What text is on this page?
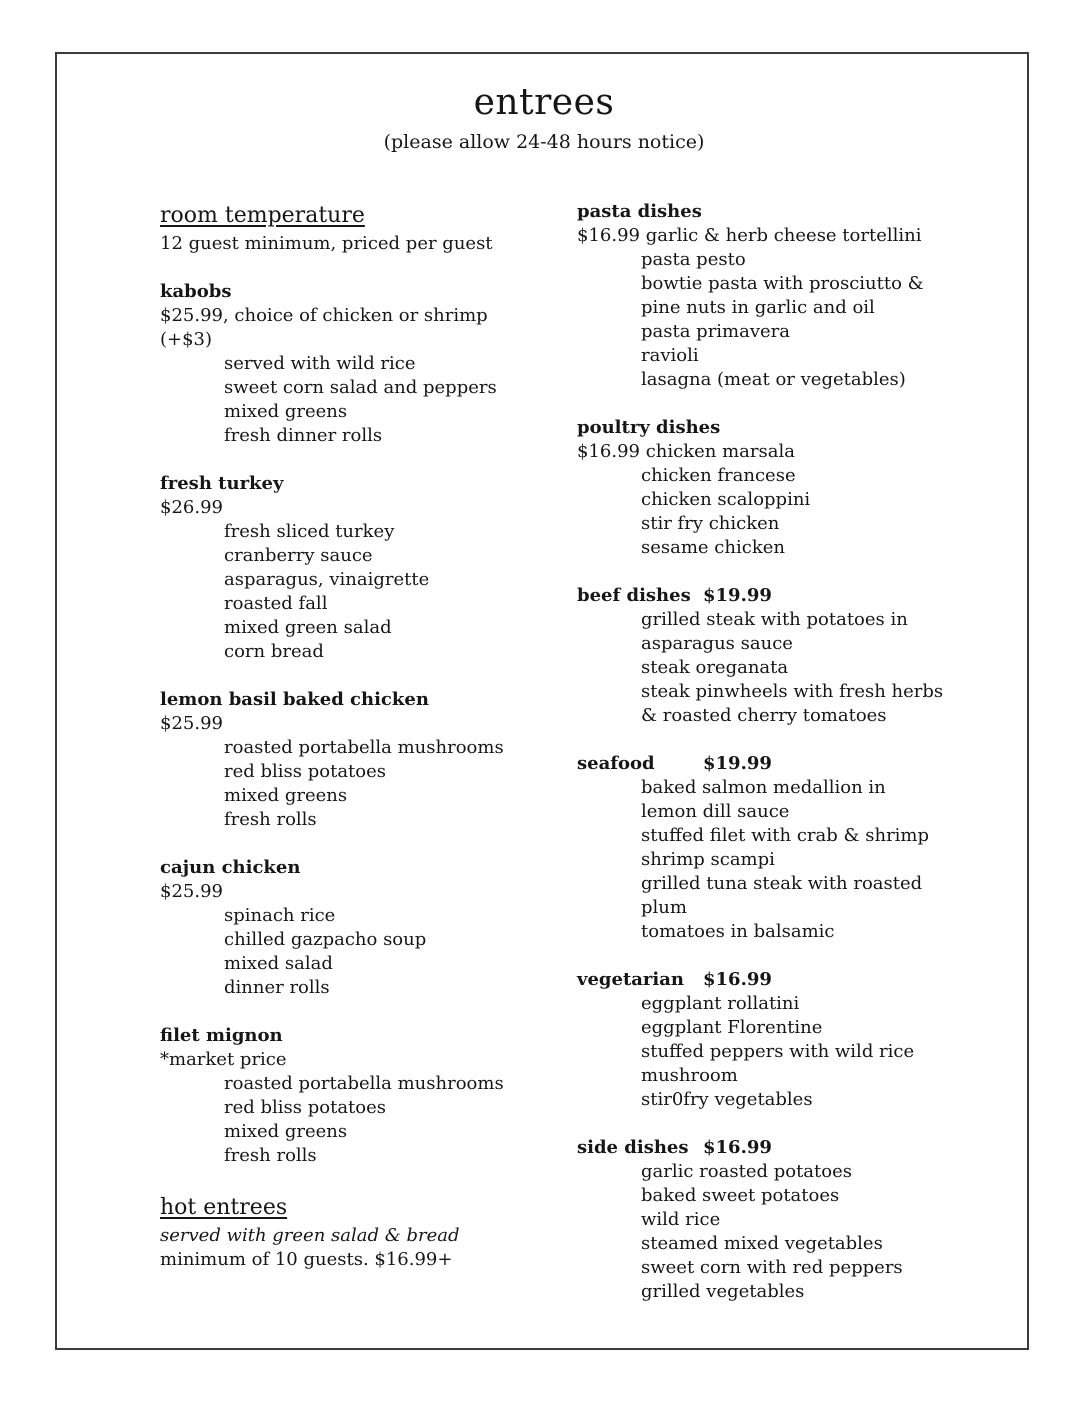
entrees
(please allow 24-48 hours notice)
room temperature
12 guest minimum, priced per guest
kabobs
$25.99, choice of chicken or shrimp
(+$3)
served with wild rice
sweet corn salad and peppers
mixed greens
fresh dinner rolls
fresh turkey
$26.99
fresh sliced turkey
cranberry sauce
asparagus, vinaigrette
roasted fall
mixed green salad
corn bread
lemon basil baked chicken
$25.99
roasted portabella mushrooms
red bliss potatoes
mixed greens
fresh rolls
cajun chicken
$25.99
spinach rice
chilled gazpacho soup
mixed salad
dinner rolls
filet mignon
*market price
roasted portabella mushrooms
red bliss potatoes
mixed greens
fresh rolls
hot entrees
served with green salad & bread
minimum of 10 guests. $16.99+
pasta dishes
$16.99 garlic & herb cheese tortellini
pasta pesto
bowtie pasta with prosciutto &
pine nuts in garlic and oil
pasta primavera
ravioli
lasagna (meat or vegetables)
poultry dishes
$16.99 chicken marsala
chicken francese
chicken scaloppini
stir fry chicken
sesame chicken
beef dishes $19.99
grilled steak with potatoes in
asparagus sauce
steak oreganata
steak pinwheels with fresh herbs
& roasted cherry tomatoes
seafood	$19.99
baked salmon medallion in
lemon dill sauce
stuffed filet with crab & shrimp
shrimp scampi
grilled tuna steak with roasted
plum
tomatoes in balsamic
vegetarian $16.99
eggplant rollatini
eggplant Florentine
stuffed peppers with wild rice
mushroom
stir0fry vegetables
side dishes $16.99
garlic roasted potatoes
baked sweet potatoes
wild rice
steamed mixed vegetables
sweet corn with red peppers
grilled vegetables
